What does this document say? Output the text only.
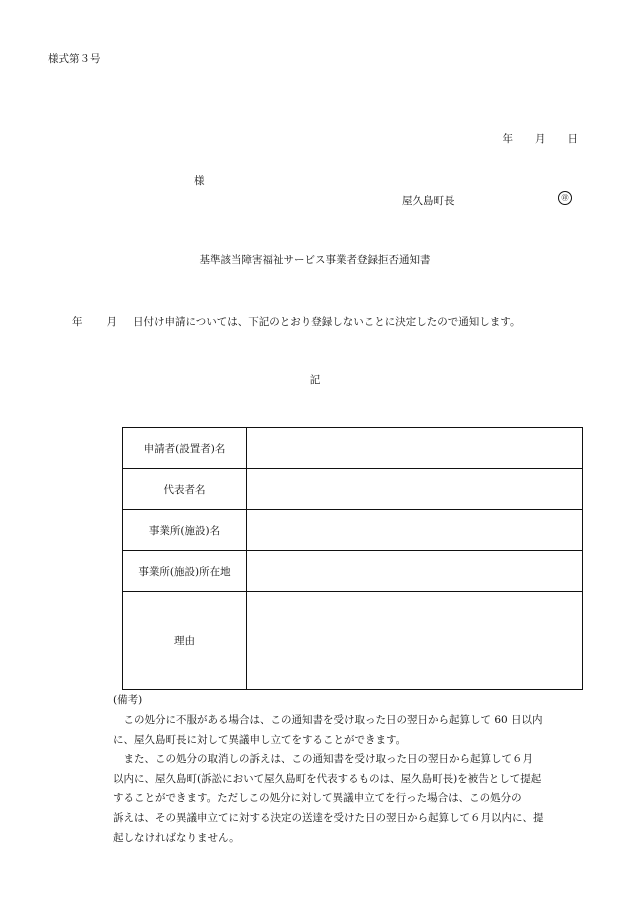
様式第３号
年 月 日
様
屋久島町長	㊞
基準該当障害福祉サービス事業者登録拒否通知書
年 月 日付け申請については、下記のとおり登録しないことに決定したので通知します。
記
申請者(設置者)名	
代表者名	
事業所(施設)名	
事業所(施設)所在地	
理由	
(備考)

　この処分に不服がある場合は、この通知書を受け取った日の翌日から起算して 60 日以内

に、屋久島町長に対して異議申し立てをすることができます。

　また、この処分の取消しの訴えは、この通知書を受け取った日の翌日から起算して６月

以内に、屋久島町(訴訟において屋久島町を代表するものは、屋久島町長)を被告として提起

することができます。ただしこの処分に対して異議申立てを行った場合は、この処分の

訴えは、その異議申立てに対する決定の送達を受けた日の翌日から起算して６月以内に、提

起しなければなりません。
